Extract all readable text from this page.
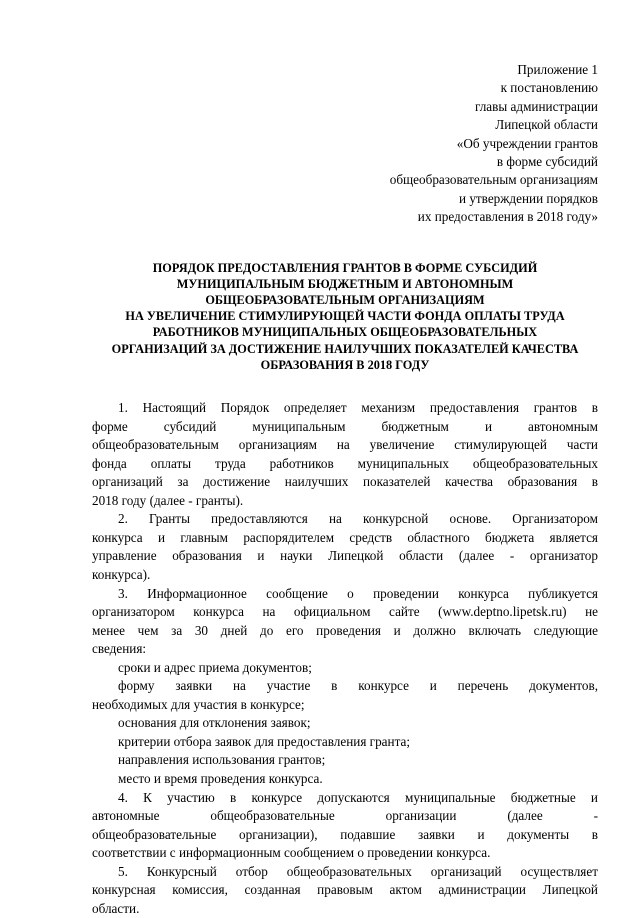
Приложение 1
к постановлению
главы администрации
Липецкой области
«Об учреждении грантов
в форме субсидий
общеобразовательным организациям
и утверждении порядков
их предоставления в 2018 году»
ПОРЯДОК ПРЕДОСТАВЛЕНИЯ ГРАНТОВ В ФОРМЕ СУБСИДИЙ
МУНИЦИПАЛЬНЫМ БЮДЖЕТНЫМ И АВТОНОМНЫМ
ОБЩЕОБРАЗОВАТЕЛЬНЫМ ОРГАНИЗАЦИЯМ
НА УВЕЛИЧЕНИЕ СТИМУЛИРУЮЩЕЙ ЧАСТИ ФОНДА ОПЛАТЫ ТРУДА
РАБОТНИКОВ МУНИЦИПАЛЬНЫХ ОБЩЕОБРАЗОВАТЕЛЬНЫХ
ОРГАНИЗАЦИЙ ЗА ДОСТИЖЕНИЕ НАИЛУЧШИХ ПОКАЗАТЕЛЕЙ КАЧЕСТВА
ОБРАЗОВАНИЯ В 2018 ГОДУ
1. Настоящий Порядок определяет механизм предоставления грантов в
форме субсидий муниципальным бюджетным и автономным
общеобразовательным организациям на увеличение стимулирующей части
фонда оплаты труда работников муниципальных общеобразовательных
организаций за достижение наилучших показателей качества образования в
2018 году (далее - гранты).
2. Гранты предоставляются на конкурсной основе. Организатором
конкурса и главным распорядителем средств областного бюджета является
управление образования и науки Липецкой области (далее - организатор
конкурса).
3. Информационное сообщение о проведении конкурса публикуется
организатором конкурса на официальном сайте (www.deptno.lipetsk.ru) не
менее чем за 30 дней до его проведения и должно включать следующие
сведения:
сроки и адрес приема документов;
форму заявки на участие в конкурсе и перечень документов,
необходимых для участия в конкурсе;
основания для отклонения заявок;
критерии отбора заявок для предоставления гранта;
направления использования грантов;
место и время проведения конкурса.
4. К участию в конкурсе допускаются муниципальные бюджетные и
автономные общеобразовательные организации (далее -
общеобразовательные организации), подавшие заявки и документы в
соответствии с информационным сообщением о проведении конкурса.
5. Конкурсный отбор общеобразовательных организаций осуществляет
конкурсная комиссия, созданная правовым актом администрации Липецкой
области.
